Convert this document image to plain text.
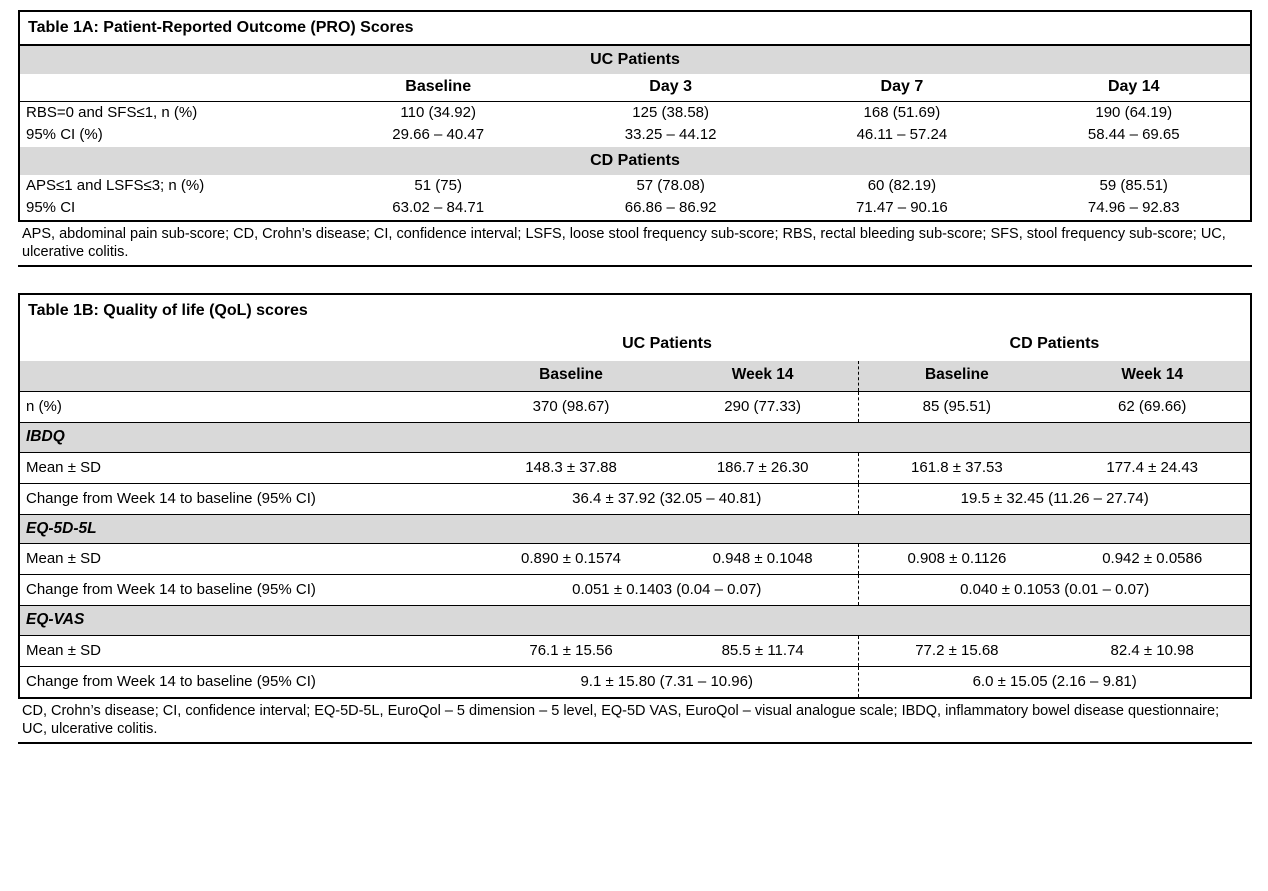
Table 1A: Patient-Reported Outcome (PRO) Scores				
UC Patients				
	Baseline	Day 3	Day 7	Day 14
RBS=0 and SFS≤1, n (%)	110 (34.92)	125 (38.58)	168 (51.69)	190 (64.19)
95% CI (%)	29.66 – 40.47	33.25 – 44.12	46.11 – 57.24	58.44 – 69.65
CD Patients				
APS≤1 and LSFS≤3; n (%)	51 (75)	57 (78.08)	60 (82.19)	59 (85.51)
95% CI	63.02 – 84.71	66.86 – 86.92	71.47 – 90.16	74.96 – 92.83
APS, abdominal pain sub-score; CD, Crohn’s disease; CI, confidence interval; LSFS, loose stool frequency sub-score; RBS, rectal bleeding sub-score; SFS, stool frequency sub-score; UC, ulcerative colitis.
Table 1B: Quality of life (QoL) scores				
	UC Patients		CD Patients	
	Baseline	Week 14	Baseline	Week 14
n (%)	370 (98.67)	290 (77.33)	85 (95.51)	62 (69.66)
IBDQ				
Mean ± SD	148.3 ± 37.88	186.7 ± 26.30	161.8 ± 37.53	177.4 ± 24.43
Change from Week 14 to baseline (95% CI)	36.4 ± 37.92 (32.05 – 40.81)		19.5 ± 32.45 (11.26 – 27.74)	
EQ-5D-5L				
Mean ± SD	0.890 ± 0.1574	0.948 ± 0.1048	0.908 ± 0.1126	0.942 ± 0.0586
Change from Week 14 to baseline (95% CI)	0.051 ± 0.1403 (0.04 – 0.07)		0.040 ± 0.1053 (0.01 – 0.07)	
EQ-VAS				
Mean ± SD	76.1 ± 15.56	85.5 ± 11.74	77.2 ± 15.68	82.4 ± 10.98
Change from Week 14 to baseline (95% CI)	9.1 ± 15.80 (7.31 – 10.96)		6.0 ± 15.05 (2.16 – 9.81)	
CD, Crohn’s disease; CI, confidence interval; EQ-5D-5L, EuroQol – 5 dimension – 5 level, EQ-5D VAS, EuroQol – visual analogue scale; IBDQ, inflammatory bowel disease questionnaire; UC, ulcerative colitis.
